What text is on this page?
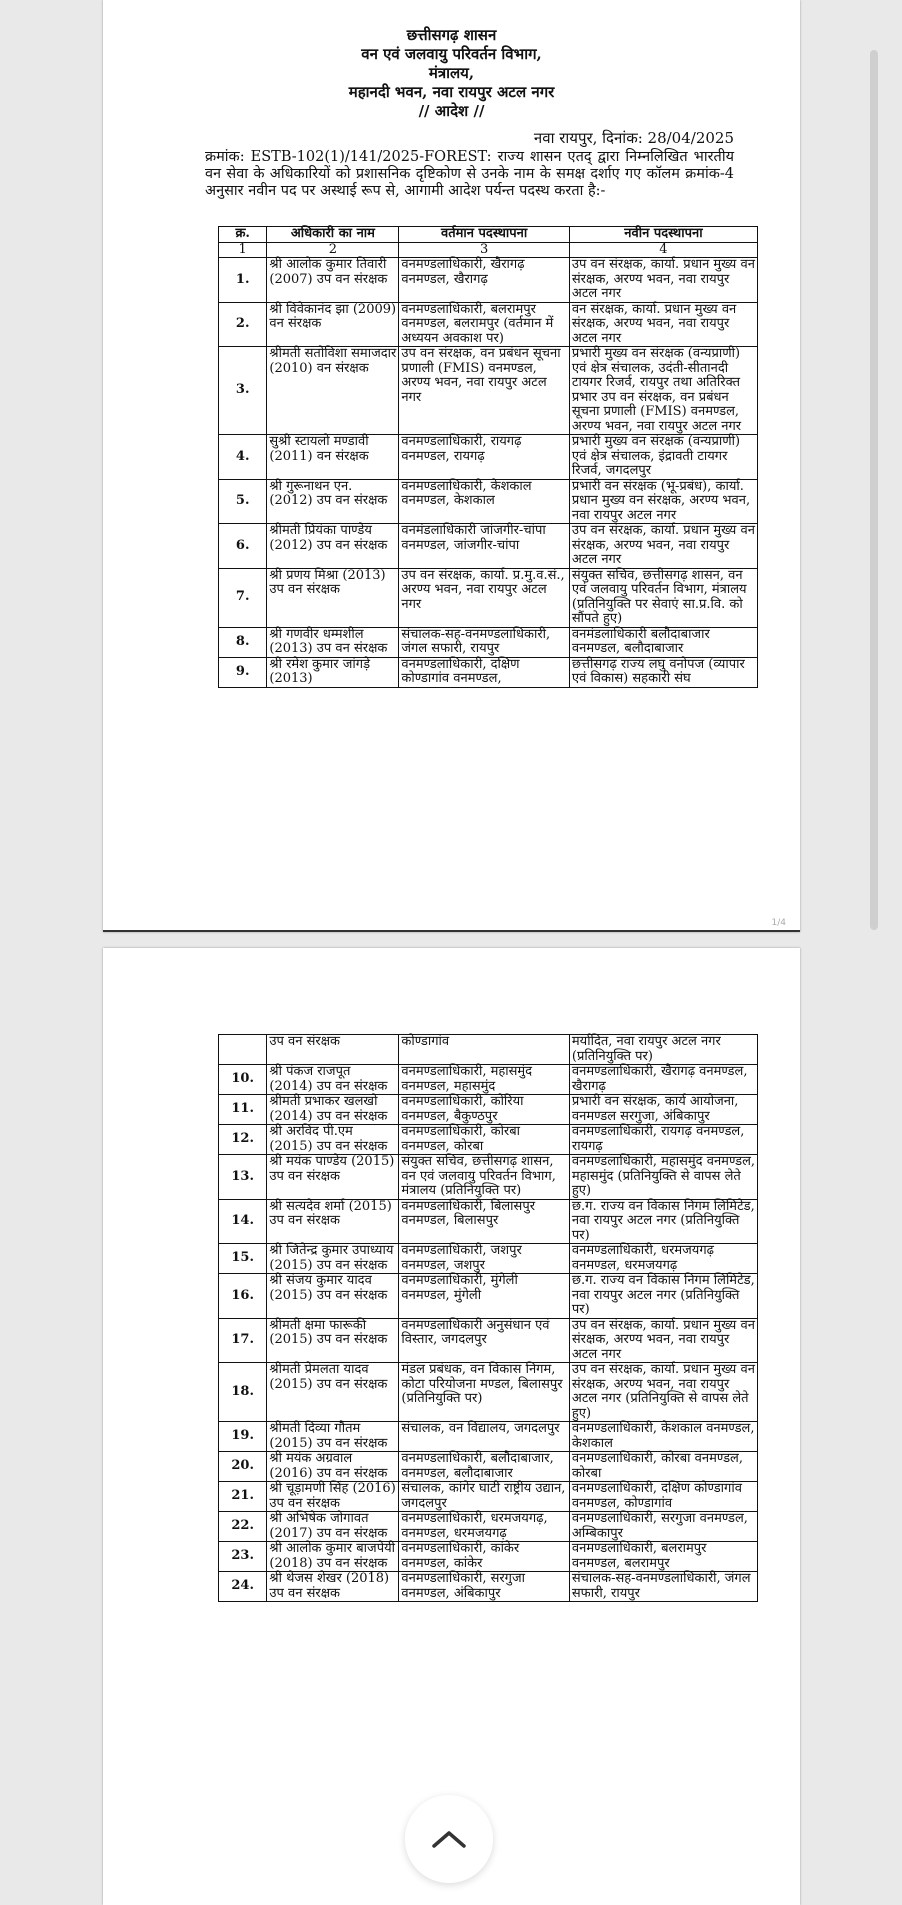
छत्तीसगढ़ शासन
वन एवं जलवायु परिवर्तन विभाग,
मंत्रालय,
महानदी भवन, नवा रायपुर अटल नगर
// आदेश //
नवा रायपुर, दिनांक: 28/04/2025
क्रमांक: ESTB-102(1)/141/2025-FOREST: राज्य शासन एतद् द्वारा निम्नलिखित भारतीय वन सेवा के अधिकारियों को प्रशासनिक दृष्टिकोण से उनके नाम के समक्ष दर्शाए गए कॉलम क्रमांक-4 अनुसार नवीन पद पर अस्थाई रूप से, आगामी आदेश पर्यन्त पदस्थ करता है:-
क्र.	अधिकारी का नाम	वर्तमान पदस्थापना	नवीन पदस्थापना
1	2	3	4
1.	श्री आलोक कुमार तिवारी (2007) उप वन संरक्षक	वनमण्डलाधिकारी, खैरागढ़ वनमण्डल, खैरागढ़	उप वन संरक्षक, कार्या. प्रधान मुख्य वन संरक्षक, अरण्य भवन, नवा रायपुर अटल नगर
2.	श्री विवेकानंद झा (2009) वन संरक्षक	वनमण्डलाधिकारी, बलरामपुर वनमण्डल, बलरामपुर (वर्तमान में अध्ययन अवकाश पर)	वन संरक्षक, कार्या. प्रधान मुख्य वन संरक्षक, अरण्य भवन, नवा रायपुर अटल नगर
3.	श्रीमती सतोविशा समाजदार (2010) वन संरक्षक	उप वन संरक्षक, वन प्रबंधन सूचना प्रणाली (FMIS) वनमण्डल, अरण्य भवन, नवा रायपुर अटल नगर	प्रभारी मुख्य वन संरक्षक (वन्यप्राणी) एवं क्षेत्र संचालक, उदंती-सीतानदी टायगर रिजर्व, रायपुर तथा अतिरिक्त प्रभार उप वन संरक्षक, वन प्रबंधन सूचना प्रणाली (FMIS) वनमण्डल, अरण्य भवन, नवा रायपुर अटल नगर
4.	सुश्री स्टायलो मण्डावी (2011) वन संरक्षक	वनमण्डलाधिकारी, रायगढ़ वनमण्डल, रायगढ़	प्रभारी मुख्य वन संरक्षक (वन्यप्राणी) एवं क्षेत्र संचालक, इंद्रावती टायगर रिजर्व, जगदलपुर
5.	श्री गुरूनाथन एन. (2012) उप वन संरक्षक	वनमण्डलाधिकारी, केशकाल वनमण्डल, केशकाल	प्रभारी वन संरक्षक (भू-प्रबंध), कार्या. प्रधान मुख्य वन संरक्षक, अरण्य भवन, नवा रायपुर अटल नगर
6.	श्रीमती प्रियंका पाण्डेय (2012) उप वन संरक्षक	वनमंडलाधिकारी जांजगीर-चांपा वनमण्डल, जांजगीर-चांपा	उप वन संरक्षक, कार्या. प्रधान मुख्य वन संरक्षक, अरण्य भवन, नवा रायपुर अटल नगर
7.	श्री प्रणय मिश्रा (2013) उप वन संरक्षक	उप वन संरक्षक, कार्या. प्र.मु.व.सं., अरण्य भवन, नवा रायपुर अटल नगर	संयुक्त सचिव, छत्तीसगढ़ शासन, वन एवं जलवायु परिवर्तन विभाग, मंत्रालय (प्रतिनियुक्ति पर सेवाएं सा.प्र.वि. को सौंपते हुए)
8.	श्री गणवीर धम्मशील (2013) उप वन संरक्षक	संचालक-सह-वनमण्डलाधिकारी, जंगल सफारी, रायपुर	वनमंडलाधिकारी बलौदाबाजार वनमण्डल, बलौदाबाजार
9.	श्री रमेश कुमार जांगड़े (2013)	वनमण्डलाधिकारी, दक्षिण कोण्डागांव वनमण्डल,	छत्तीसगढ़ राज्य लघु वनोपज (व्यापार एवं विकास) सहकारी संघ
1/4
	उप वन संरक्षक	कोण्डागांव	मर्यादित, नवा रायपुर अटल नगर (प्रतिनियुक्ति पर)
10.	श्री पंकज राजपूत (2014) उप वन संरक्षक	वनमण्डलाधिकारी, महासमुंद वनमण्डल, महासमुंद	वनमण्डलाधिकारी, खैरागढ़ वनमण्डल, खैरागढ़
11.	श्रीमती प्रभाकर खलखो (2014) उप वन संरक्षक	वनमण्डलाधिकारी, कोरिया वनमण्डल, बैकुण्ठपुर	प्रभारी वन संरक्षक, कार्य आयोजना, वनमण्डल सरगुजा, अंबिकापुर
12.	श्री अरविंद पी.एम (2015) उप वन संरक्षक	वनमण्डलाधिकारी, कोरबा वनमण्डल, कोरबा	वनमण्डलाधिकारी, रायगढ़ वनमण्डल, रायगढ़
13.	श्री मयंक पाण्डेय (2015) उप वन संरक्षक	संयुक्त सचिव, छत्तीसगढ़ शासन, वन एवं जलवायु परिवर्तन विभाग, मंत्रालय (प्रतिनियुक्ति पर)	वनमण्डलाधिकारी, महासमुंद वनमण्डल, महासमुंद (प्रतिनियुक्ति से वापस लेते हुए)
14.	श्री सत्यदेव शर्मा (2015) उप वन संरक्षक	वनमण्डलाधिकारी, बिलासपुर वनमण्डल, बिलासपुर	छ.ग. राज्य वन विकास निगम लिमिटेड, नवा रायपुर अटल नगर (प्रतिनियुक्ति पर)
15.	श्री जितेन्द्र कुमार उपाध्याय (2015) उप वन संरक्षक	वनमण्डलाधिकारी, जशपुर वनमण्डल, जशपुर	वनमण्डलाधिकारी, धरमजयगढ़ वनमण्डल, धरमजयगढ़
16.	श्री संजय कुमार यादव (2015) उप वन संरक्षक	वनमण्डलाधिकारी, मुंगेली वनमण्डल, मुंगेली	छ.ग. राज्य वन विकास निगम लिमिटेड, नवा रायपुर अटल नगर (प्रतिनियुक्ति पर)
17.	श्रीमती क्षमा फारूकी (2015) उप वन संरक्षक	वनमण्डलाधिकारी अनुसंधान एवं विस्तार, जगदलपुर	उप वन संरक्षक, कार्या. प्रधान मुख्य वन संरक्षक, अरण्य भवन, नवा रायपुर अटल नगर
18.	श्रीमती प्रेमलता यादव (2015) उप वन संरक्षक	मंडल प्रबंधक, वन विकास निगम, कोटा परियोजना मण्डल, बिलासपुर (प्रतिनियुक्ति पर)	उप वन संरक्षक, कार्या. प्रधान मुख्य वन संरक्षक, अरण्य भवन, नवा रायपुर अटल नगर (प्रतिनियुक्ति से वापस लेते हुए)
19.	श्रीमती दिव्या गौतम (2015) उप वन संरक्षक	संचालक, वन विद्यालय, जगदलपुर	वनमण्डलाधिकारी, केशकाल वनमण्डल, केशकाल
20.	श्री मयंक अग्रवाल (2016) उप वन संरक्षक	वनमण्डलाधिकारी, बलौदाबाजार, वनमण्डल, बलौदाबाजार	वनमण्डलाधिकारी, कोरबा वनमण्डल, कोरबा
21.	श्री चूड़ामणी सिंह (2016) उप वन संरक्षक	संचालक, कांगेर घाटी राष्ट्रीय उद्यान, जगदलपुर	वनमण्डलाधिकारी, दक्षिण कोण्डागांव वनमण्डल, कोण्डागांव
22.	श्री अभिषेक जोगावत (2017) उप वन संरक्षक	वनमण्डलाधिकारी, धरमजयगढ़, वनमण्डल, धरमजयगढ़	वनमण्डलाधिकारी, सरगुजा वनमण्डल, अम्बिकापुर
23.	श्री आलोक कुमार बाजपेयी (2018) उप वन संरक्षक	वनमण्डलाधिकारी, कांकेर वनमण्डल, कांकेर	वनमण्डलाधिकारी, बलरामपुर वनमण्डल, बलरामपुर
24.	श्री थेजस शेखर (2018) उप वन संरक्षक	वनमण्डलाधिकारी, सरगुजा वनमण्डल, अंबिकापुर	संचालक-सह-वनमण्डलाधिकारी, जंगल सफारी, रायपुर
